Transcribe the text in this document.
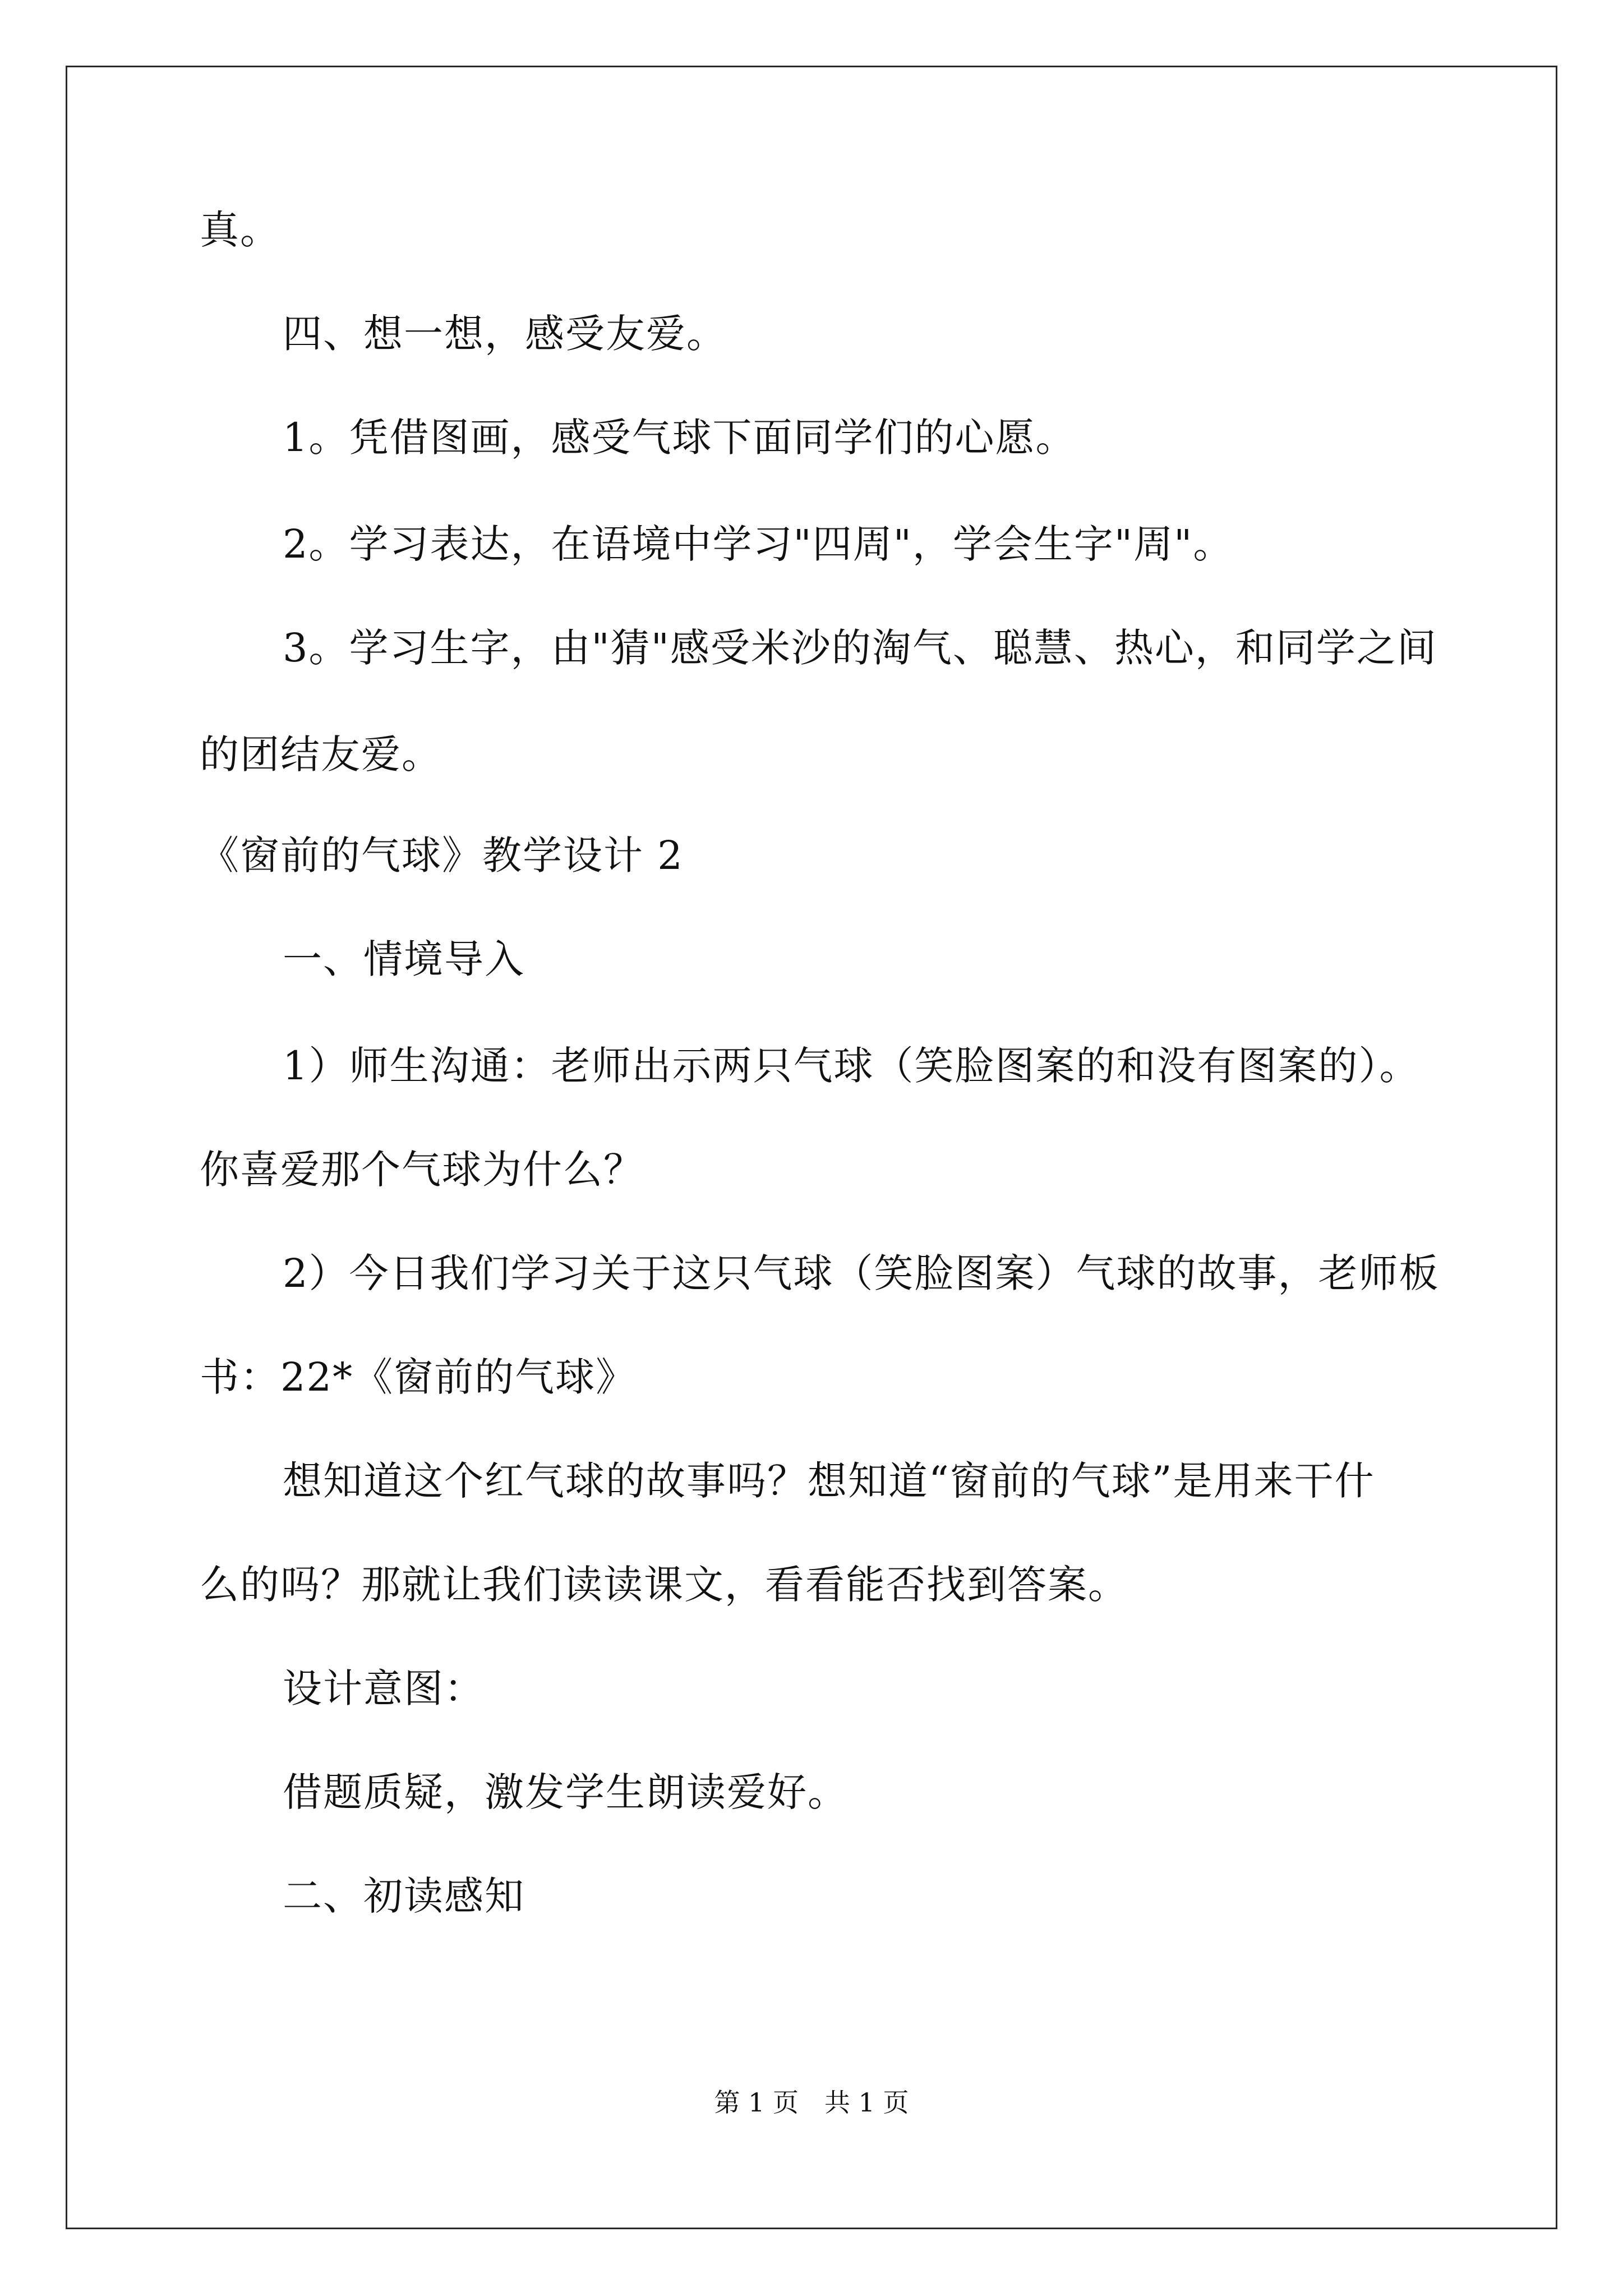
真。
四、想一想，感受友爱。
1。凭借图画，感受气球下面同学们的心愿。
2。学习表达，在语境中学习"四周"，学会生字"周"。
3。学习生字，由"猜"感受米沙的淘气、聪慧、热心，和同学之间
的团结友爱。
《窗前的气球》教学设计 2
一、情境导入
1）师生沟通：老师出示两只气球（笑脸图案的和没有图案的）。
你喜爱那个气球为什么？
2）今日我们学习关于这只气球（笑脸图案）气球的故事，老师板
书：22*《窗前的气球》
想知道这个红气球的故事吗？想知道“窗前的气球”是用来干什
么的吗？那就让我们读读课文，看看能否找到答案。
设计意图：
借题质疑，激发学生朗读爱好。
二、初读感知
第 1 页　共 1 页
